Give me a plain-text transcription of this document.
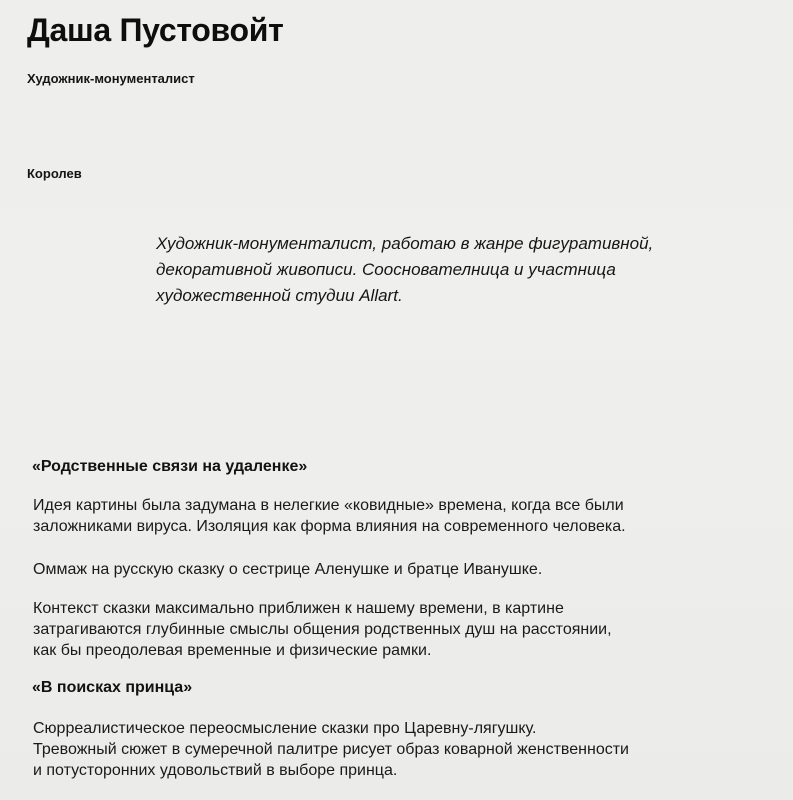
Даша Пустовойт
Художник-монументалист
Королев
Художник-монументалист, работаю в жанре фигуративной,
декоративной живописи. Сооснователница и участница
художественной студии Allart.
«Родственные связи на удаленке»
Идея картины была задумана в нелегкие «ковидные» времена, когда все были
заложниками вируса. Изоляция как форма влияния на современного человека.
Оммаж на русскую сказку о сестрице Аленушке и братце Иванушке.
Контекст сказки максимально приближен к нашему времени, в картине
затрагиваются глубинные смыслы общения родственных душ на расстоянии,
как бы преодолевая временные и физические рамки.
«В поисках принца»
Сюрреалистическое переосмысление сказки про Царевну-лягушку.
Тревожный сюжет в сумеречной палитре рисует образ коварной женственности
и потусторонних удовольствий в выборе принца.
